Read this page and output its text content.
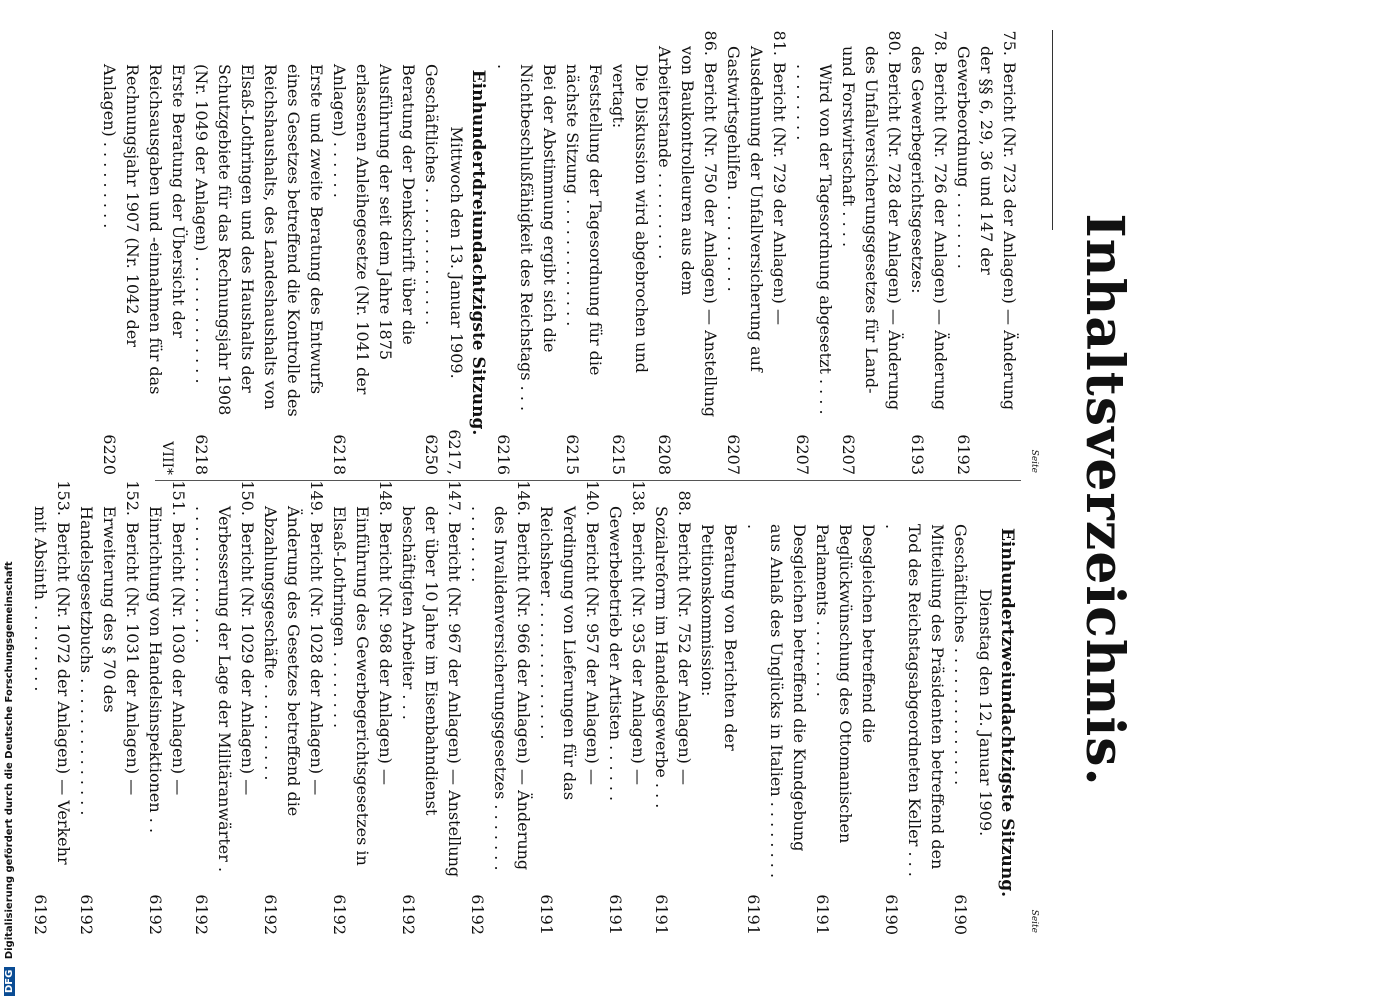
Inhaltsverzeichnis.
Seite
75.Bericht (Nr. 723 der Anlagen) — Änderung der §§ 6, 29, 36 und 147 der Gewerbeordnung . . . . . . . .
6192
78.Bericht (Nr. 726 der Anlagen) — Änderung des Gewerbegerichtsgesetzes:
6193
80.Bericht (Nr. 728 der Anlagen) — Änderung des Unfallversicherungsgesetzes für Land- und Forstwirtschaft . . . .
6207
Wird von der Tagesordnung abgesetzt . . . . . . . . . . . .
6207
81.Bericht (Nr. 729 der Anlagen) — Ausdehnung der Unfallversicherung auf Gastwirtsgehilfen . . . . . . . . . .
6207
86.Bericht (Nr. 750 der Anlagen) — Anstellung von Baukontrolleuren aus dem Arbeiterstande . . . . . . . . .
6208
Die Diskussion wird abgebrochen und vertagt:
6215
Feststellung der Tagesordnung für die nächste Sitzung . . . . . . . . . . . . .
6215
Bei der Abstimmung ergibt sich die Nichtbeschlußfähigkeit des Reichstags . . . .
6216
Einhundertdreiundachtzigste Sitzung.
Mittwoch den 13. Januar 1909.
Geschäftliches . . . . . . . . . . . . . .
6217, 6250
Beratung der Denkschrift über die Ausführung der seit dem Jahre 1875 erlassenen Anleihegesetze (Nr. 1041 der Anlagen) . . . . . .
6218
Erste und zweite Beratung des Entwurfs eines Gesetzes betreffend die Kontrolle des Reichshaushalts, des Landeshaushalts von Elsaß-Lothringen und des Haushalts der Schutzgebiete für das Rechnungsjahr 1908 (Nr. 1049 der Anlagen) . . . . . . . . . . . . .
6218
Erste Beratung der Übersicht der Reichsausgaben und -einnahmen für das Rechnungsjahr 1907 (Nr. 1042 der Anlagen) . . . . . . . . .
6220	VIII*
Seite
Einhundertzweiundachtzigste Sitzung.
Dienstag den 12. Januar 1909.
Geschäftliches . . . . . . . . . . . . . .
6190
Mitteilung des Präsidenten betreffend den Tod des Reichstagsabgeordneten Keller . . . .
6190
Desgleichen betreffend die Beglückwünschung des Ottomanischen Parlaments . . . . . . . .
6191
Desgleichen betreffend die Kundgebung aus Anlaß des Unglücks in Italien . . . . . . . . .
6191
Beratung von Berichten der Petitionskommission:
88.Bericht (Nr. 752 der Anlagen) — Sozialreform im Handelsgewerbe . . .
6191
138.Bericht (Nr. 935 der Anlagen) — Gewerbebetrieb der Artisten . . . . . .
6191
140.Bericht (Nr. 957 der Anlagen) — Verdingung von Lieferungen für das Reichsheer . . . . . . . . . . . . . .
6191
146.Bericht (Nr. 966 der Anlagen) — Änderung des Invalidenversicherungsgesetzes . . . . . . . . . . . . . . .
6192
147.Bericht (Nr. 967 der Anlagen) — Anstellung der über 10 Jahre im Eisenbahndienst beschäftigten Arbeiter . . .
6192
148.Bericht (Nr. 968 der Anlagen) — Einführung des Gewerbegerichtsgesetzes in Elsaß-Lothringen . . . . . . . .
6192
149.Bericht (Nr. 1028 der Anlagen) — Änderung des Gesetzes betreffend die Abzahlungsgeschäfte . . . . . . . . . .
6192
150.Bericht (Nr. 1029 der Anlagen) — Verbesserung der Lage der Militäranwärter . . . . . . . . . . . . . . .
6192
151.Bericht (Nr. 1030 der Anlagen) — Einrichtung von Handelsinspektionen . .
6192
152.Bericht (Nr. 1031 der Anlagen) — Erweiterung des § 70 des Handelsgesetzbuchs . . . . . . . . . . . . . .
6192
153.Bericht (Nr. 1072 der Anlagen) — Verkehr mit Absinth . . . . . . . . .
6192
DFG Digitalisierung gefördert durch die Deutsche Forschungsgemeinschaft
